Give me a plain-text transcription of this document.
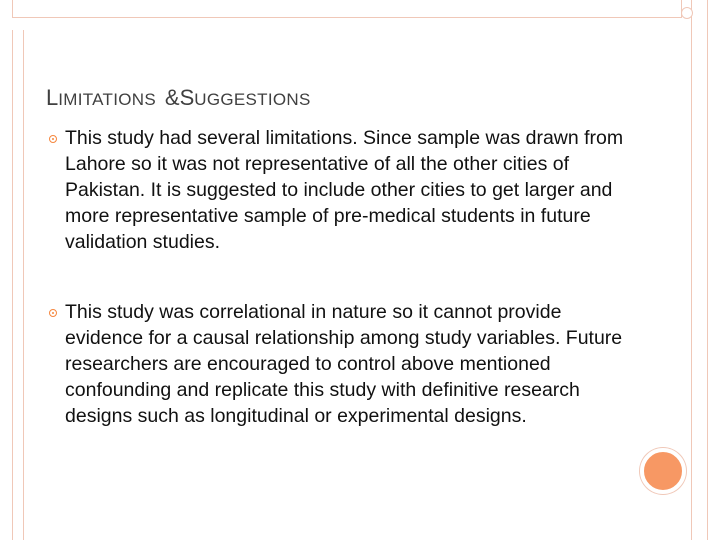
LIMITATIONS &SUGGESTIONS
This study had several limitations. Since sample was drawn from Lahore so it was not representative of all the other cities of Pakistan. It is suggested to include other cities to get larger and more representative sample of pre-medical students in future validation studies.
This study was correlational in nature so it cannot provide evidence for a causal relationship among study variables. Future researchers are encouraged to control above mentioned confounding and replicate this study with definitive research designs such as longitudinal or experimental designs.
